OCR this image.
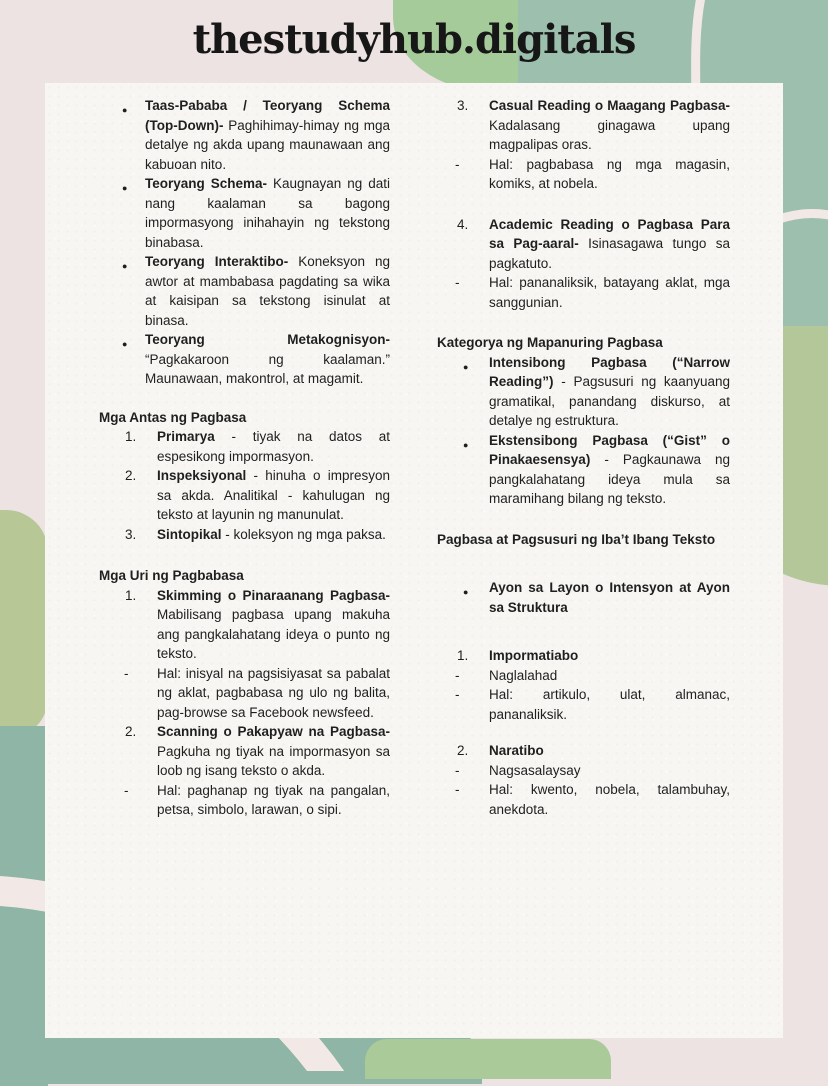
thestudyhub.digitals
● Taas-Pababa / Teoryang Schema (Top-Down)- Paghihimay-himay ng mga detalye ng akda upang maunawaan ang kabuoan nito.
● Teoryang Schema- Kaugnayan ng dati nang kaalaman sa bagong impormasyong inihahayin ng tekstong binabasa.
● Teoryang Interaktibo- Koneksyon ng awtor at mambabasa pagdating sa wika at kaisipan sa tekstong isinulat at binasa.
● Teoryang Metakognisyon- “Pagkakaroon ng kaalaman.” Maunawaan, makontrol, at magamit.
Mga Antas ng Pagbasa
1. Primarya - tiyak na datos at espesikong impormasyon.
2. Inspeksiyonal - hinuha o impresyon sa akda. Analitikal - kahulugan ng teksto at layunin ng manunulat.
3. Sintopikal - koleksyon ng mga paksa.
Mga Uri ng Pagbabasa
1. Skimming o Pinaraanang Pagbasa- Mabilisang pagbasa upang makuha ang pangkalahatang ideya o punto ng teksto.
- Hal: inisyal na pagsisiyasat sa pabalat ng aklat, pagbabasa ng ulo ng balita, pag-browse sa Facebook newsfeed.
2. Scanning o Pakapyaw na Pagbasa- Pagkuha ng tiyak na impormasyon sa loob ng isang teksto o akda.
- Hal: paghanap ng tiyak na pangalan, petsa, simbolo, larawan, o sipi.
3. Casual Reading o Maagang Pagbasa- Kadalasang ginagawa upang magpalipas oras.
- Hal: pagbabasa ng mga magasin, komiks, at nobela.
4. Academic Reading o Pagbasa Para sa Pag-aaral- Isinasagawa tungo sa pagkatuto.
- Hal: pananaliksik, batayang aklat, mga sanggunian.
Kategorya ng Mapanuring Pagbasa
● Intensibong Pagbasa (“Narrow Reading”) - Pagsusuri ng kaanyuang gramatikal, panandang diskurso, at detalye ng estruktura.
● Ekstensibong Pagbasa (“Gist” o Pinakaesensya) - Pagkaunawa ng pangkalahatang ideya mula sa maramihang bilang ng teksto.
Pagbasa at Pagsusuri ng Iba’t Ibang Teksto
● Ayon sa Layon o Intensyon at Ayon sa Struktura
1. Impormatiabo
- Naglalahad
- Hal: artikulo, ulat, almanac, pananaliksik.
2. Naratibo
- Nagsasalaysay
- Hal: kwento, nobela, talambuhay, anekdota.
